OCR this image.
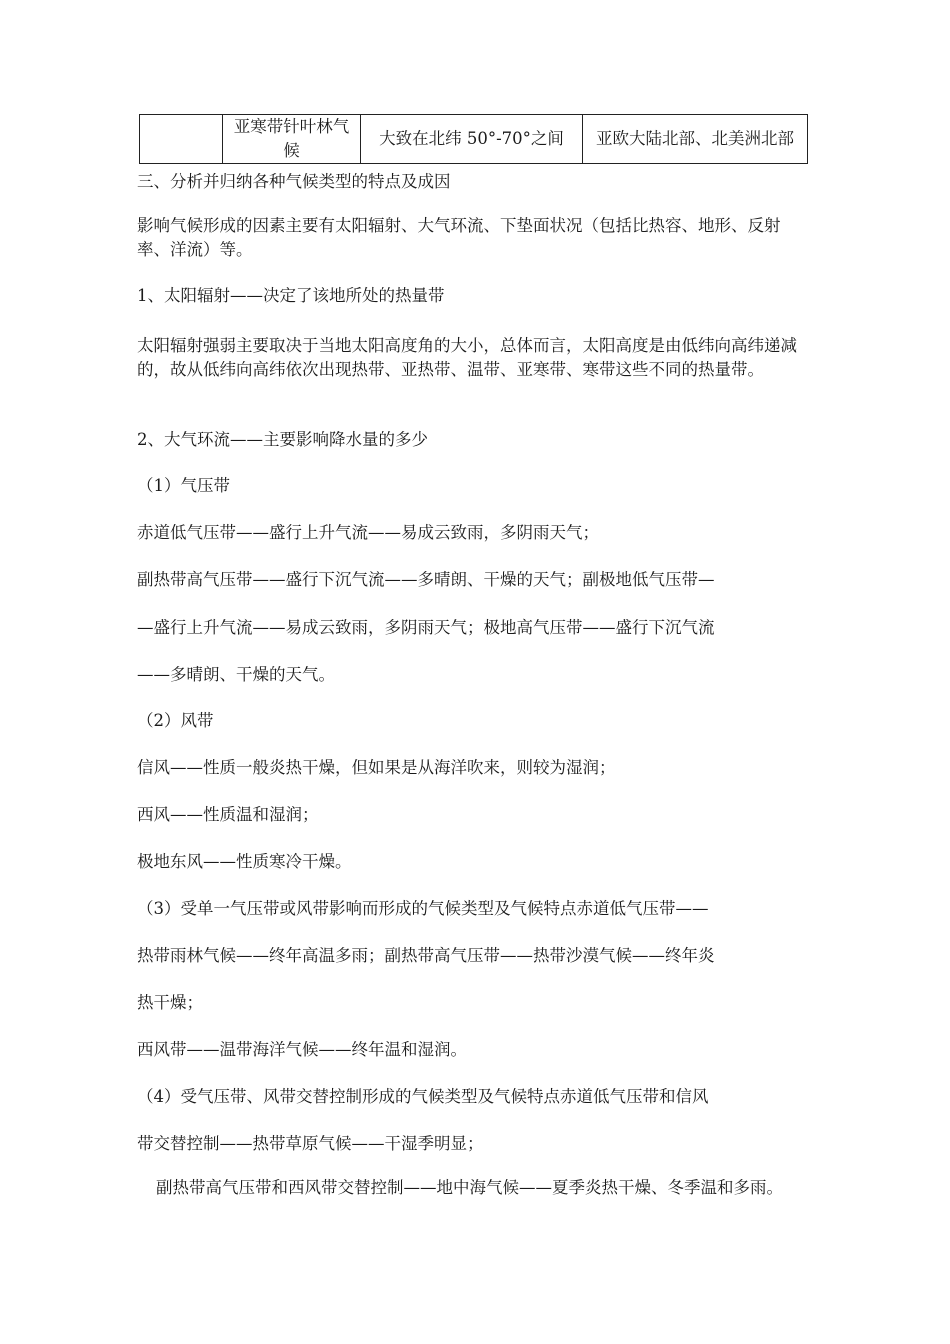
	亚寒带针叶林气候	大致在北纬 50°-70°之间	亚欧大陆北部、北美洲北部

三、分析并归纳各种气候类型的特点及成因

影响气候形成的因素主要有太阳辐射、大气环流、下垫面状况（包括比热容、地形、反射率、洋流）等。

1、太阳辐射——决定了该地所处的热量带

太阳辐射强弱主要取决于当地太阳高度角的大小，总体而言，太阳高度是由低纬向高纬递减的，故从低纬向高纬依次出现热带、亚热带、温带、亚寒带、寒带这些不同的热量带。

2、大气环流——主要影响降水量的多少

（1）气压带

赤道低气压带——盛行上升气流——易成云致雨，多阴雨天气；

副热带高气压带——盛行下沉气流——多晴朗、干燥的天气；副极地低气压带—

—盛行上升气流——易成云致雨，多阴雨天气；极地高气压带——盛行下沉气流

——多晴朗、干燥的天气。

（2）风带

信风——性质一般炎热干燥，但如果是从海洋吹来，则较为湿润；

西风——性质温和湿润；

极地东风——性质寒冷干燥。

（3）受单一气压带或风带影响而形成的气候类型及气候特点赤道低气压带——

热带雨林气候——终年高温多雨；副热带高气压带——热带沙漠气候——终年炎

热干燥；

西风带——温带海洋气候——终年温和湿润。

（4）受气压带、风带交替控制形成的气候类型及气候特点赤道低气压带和信风

带交替控制——热带草原气候——干湿季明显；

副热带高气压带和西风带交替控制——地中海气候——夏季炎热干燥、冬季温和多雨。
